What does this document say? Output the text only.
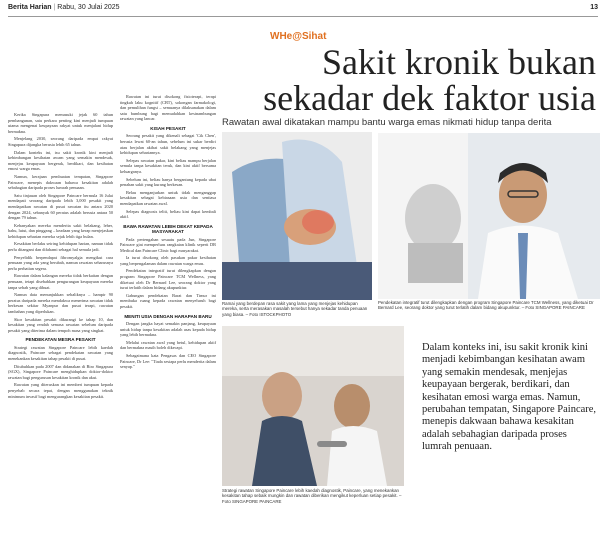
Berita Harian | Rabu, 30 Julai 2025	13
WHe@Sihat
Sakit kronik bukan
sekadar dek faktor usia
Rawatan awal dikatakan mampu bantu warga emas nikmati hidup tanpa derita

Kerika Singapura memasuki jejak 60 tahun pembangunan, satu perkara penting kini menjadi tumpuan utama mengenai keupayaan rakyat untuk menjalani hidup bermakna.

Menjelang 2030, seorang daripada empat rakyat Singapura dijangka berusia lebih 65 tahun.

Dalam konteks ini, isu sakit kronik kini menjadi kebimbangan kesihatan awam yang semakin mendesak, menjejas keupayaan bergerak, berdikari, dan kesihatan emosi warga emas.

Namun, kerajaan pembuatan tempatan, Singapore Paincare, menepis dakwaan bahawa kesakitan adalah sebahagian daripada proses lumrah penuaan.

Satu tinjauan oleh Singapore Paincare bermula 16 Julai mendapati seorang daripada lebih 3,000 pesakit yang mendapatkan rawatan di pusat rawatan itu antara 2020 dengan 2024, sebanyak 60 peratus adalah berusia antara 50 dengan 79 tahun.

Kebanyakan mereka menderita sakit belakang, leher, bahu, lutut, dan pinggang – keadaan yang kerap menjejaskan kehidupan seharian mereka sejak lebih tiga bulan.

Kesakitan berlaku seiring kehidupan harian, namun tidak perlu ditangani dan difahami sebagai hal semula jadi.

Penyelidik berpendapat fibromyalgia mengikut cara penuaan yang ada yang berubah, namun rawatan seharusnya perlu perhatian segera.

Rawatan dalam kalangan mereka tidak berkaitan dengan penuaan, tetapi disebabkan pengurangan keupayaan mereka tanpa sebab yang dibuat.

Namun data menunjukkan sebaliknya – hampir 90 peratus daripada mereka mendakwa menerima rawatan tidak berkesan sekitar Myanpur dan pusat terapi, rawatan tambahan yang diperlukan.

Skor kesakitan pesakit dikurangi ke tahap 10, dan kesakitan yang rendah semasa rawatan sebelum daripada pesakit yang diterima dalam tempoh masa yang singkat.

PENDEKATAN MESRA PESAKIT

Strategi rawatan Singapore Paincare lebih kaedah diagnostik, Paincare sebagai pendekatan rawatan yang menekankan kesakitan tahap pesakit di pusat.

Ditubuhkan pada 2007 dan didanakan di Biro Singapura (SGX), Singapore Paincare menghidupkan doktor-doktor rawatan bagi pengurusan kesakitan kronik dan akut.

Rawatan yang diteruskan ini memberi tumpuan kepada penyebab secara tepat, dengan menggunakan teknik minimum invasif bagi mengurangkan kesakitan pesakit.

Rawatan ini turut disokong fisioterapi, terapi tingkah laku kognitif (CBT), sokongan farmakologi, dan pemulihan fungsi – semuanya dilaksanakan dalam satu bumbung bagi memudahkan kesinambungan rawatan yang lancar.

KISAH PESAKIT

Seorang pesakit yang dikenali sebagai 'Cik Chen', berusia lewat 60-an tahun, sebelum ini sukar berdiri atau berjalan akibat sakit belakang yang menjejas kehidupan sehariannya.

Selepas rawatan pakar, kini beliau mampu berjalan semula tanpa kesakitan teruk, dan kini aktif bersama keluarganya.

Sebelum ini, beliau hanya bergantung kepada ubat penahan sakit yang kurang berkesan.

Belau menganjurkan untuk tidak menganggap kesakitan sebagai kebiasaan usia dan sentiasa mendapatkan rawatan awal.

Selepas diagnosis teliti, beliau kini dapat kembali aktif.

BAWA RAWATAN LEBIH DEKAT KEPADA MASYARAKAT

Pada pertengahan sesuatu pada Jun, Singapore Paincare giat memperluas rangkaian klinik seperti DR Medical dan Paincare Clinic bagi masyarakat.

Ia turut disokong oleh pasukan pakar kesihatan yang berpengalaman dalam rawatan warga emas.

Pendekatan integratif turut dilengkapkan dengan program Singapore Paincare TCM Wellness, yang diketuai oleh Dr Bernard Lee, seorang doktor yang turut terlatih dalam bidang akupunktur.

Gabungan pendekatan Barat dan Timur ini membuka ruang kepada rawatan menyeluruh bagi pesakit.

MENITI USIA DENGAN HARAPAN BARU

Dengan jangka hayat semakin panjang, keupayaan untuk hidup tanpa kesakitan adalah asas kepada hidup yang lebih bermakna.

Melalui rawatan awal yang betul, kehidupan aktif dan bermakna masih boleh dikecapi.

Sebagaimana kata Pengasas dan CEO Singapore Paincare, Dr Lee: "Tiada sesiapa perlu menderita dalam senyap."

Ramai yang berdepan rasa sakit yang lama yang menjejas kehidupan mereka, serta merasakan masalah tersebut hanya sekadar tanda penuaan yang biasa. – Foto ISTOCKPHOTO
Pendekatan integratif turut dilengkapkan dengan program Singapore Paincare TCM Wellness, yang diketuai Dr Bernard Lee, seorang doktor yang turut terlatih dalam bidang akupunktur. – Foto SINGAPORE PAINCARE
Strategi rawatan Singapore Paincare lebih kaedah diagnostik, Paincare, yang menekankan kesakitan tahap sebaik mungkin dan rawatan diberikan mengikut keperluan setiap pesakit. – Foto SINGAPORE PAINCARE
Dalam konteks ini, isu sakit kronik kini menjadi kebimbangan kesihatan awam yang semakin mendesak, menjejas keupayaan bergerak, berdikari, dan kesihatan emosi warga emas. Namun, perubahan tempatan, Singapore Paincare, menepis dakwaan bahawa kesakitan adalah sebahagian daripada proses lumrah penuaan.
